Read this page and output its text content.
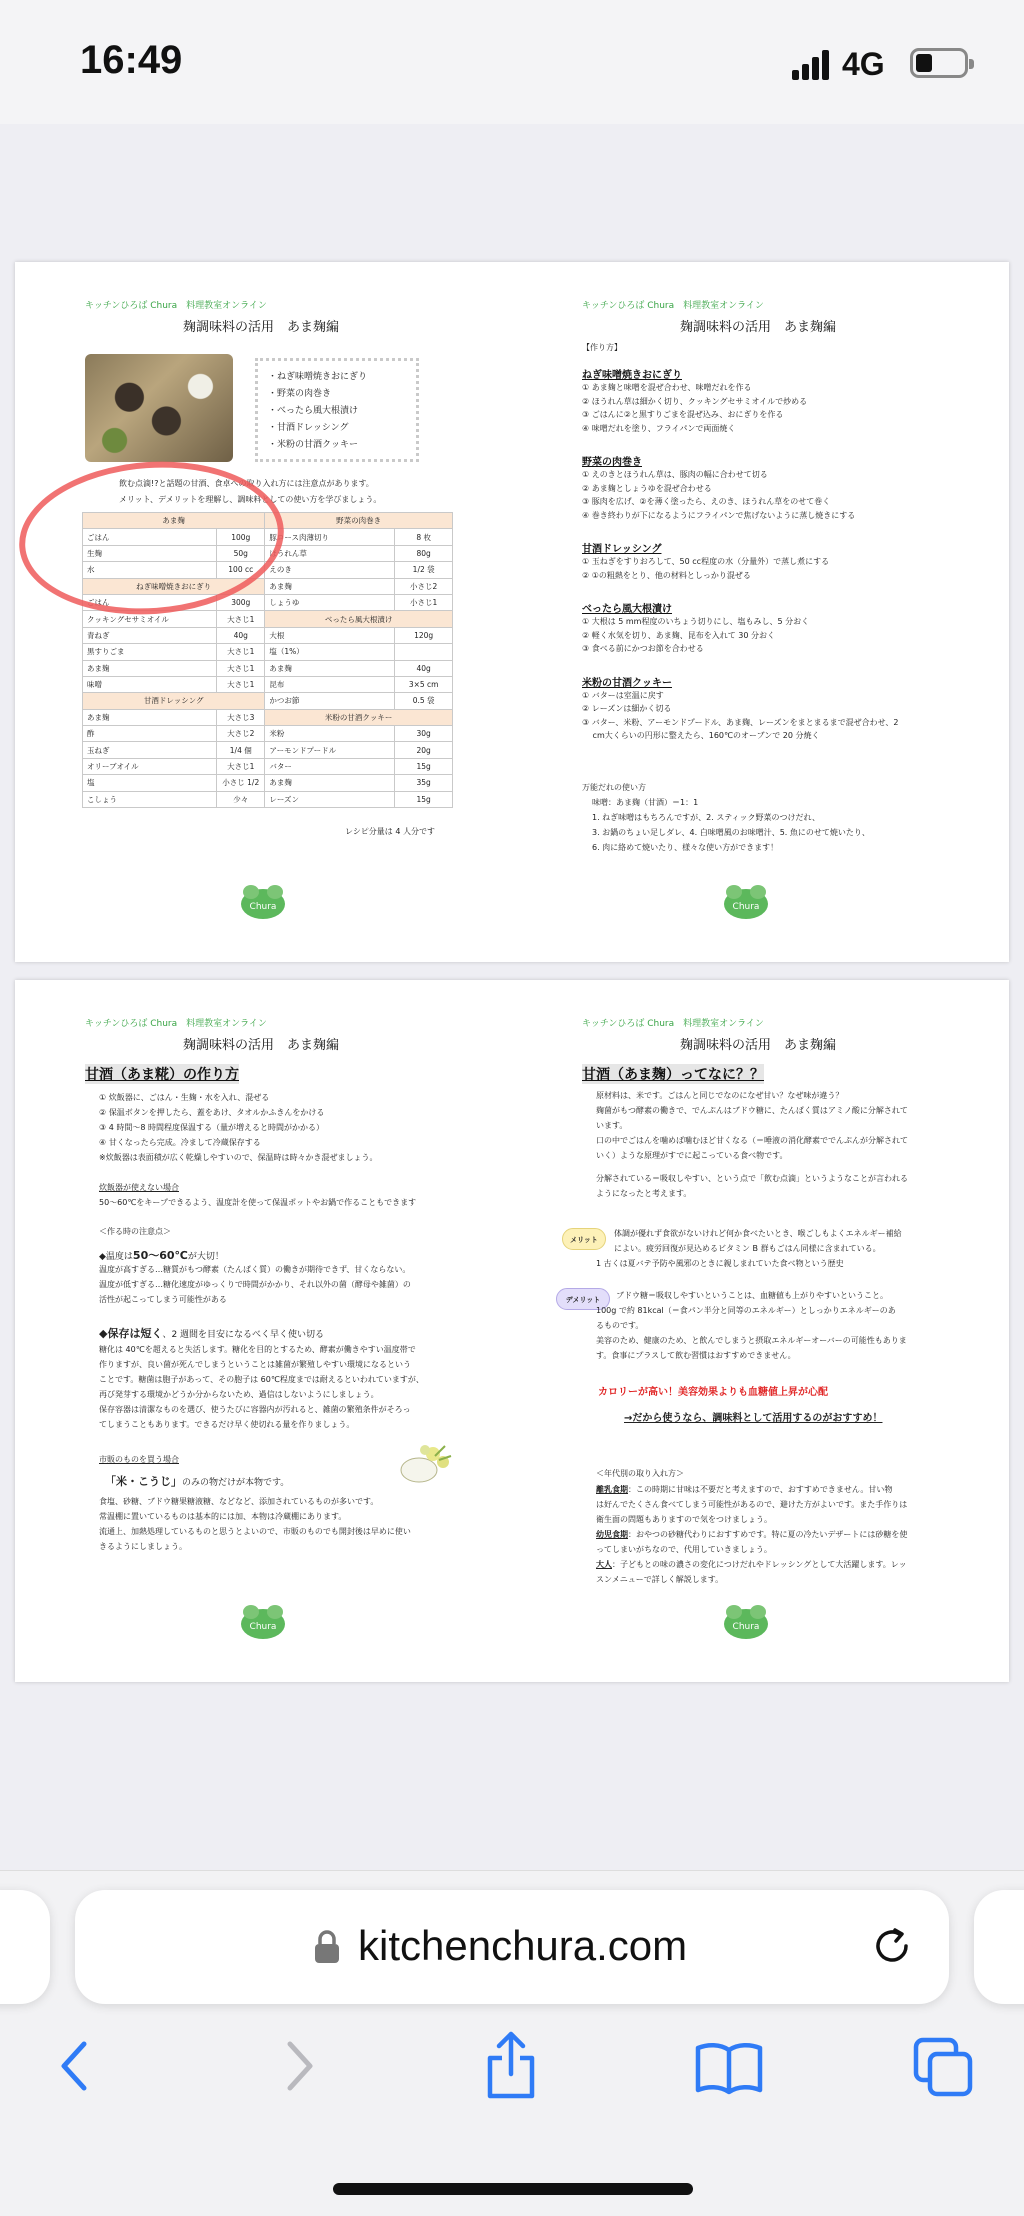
16:49	4G
キッチンひろば Chura　料理教室オンライン
麹調味料の活用　あま麹編
・ねぎ味噌焼きおにぎり
・野菜の肉巻き
・べったら風大根漬け
・甘酒ドレッシング
・米粉の甘酒クッキー
飲む点滴!?と話題の甘酒、食卓への取り入れ方には注意点があります。
メリット、デメリットを理解し、調味料としての使い方を学びましょう。
あま麹		野菜の肉巻き	
ごはん	100g	豚ロース肉薄切り	8 枚
生麹	50g	ほうれん草	80g
水	100 cc	えのき	1/2 袋
ねぎ味噌焼きおにぎり		あま麹	小さじ2
ごはん	300g	しょうゆ	小さじ1
クッキングセサミオイル	大さじ1	べったら風大根漬け	
青ねぎ	40g	大根	120g
黒すりごま	大さじ1	塩（1%）	
あま麹	大さじ1	あま麹	40g
味噌	大さじ1	昆布	3×5 cm
甘酒ドレッシング		かつお節	0.5 袋
あま麹	大さじ3	米粉の甘酒クッキー	
酢	大さじ2	米粉	30g
玉ねぎ	1/4 個	アーモンドプードル	20g
オリーブオイル	大さじ1	バター	15g
塩	小さじ 1/2	あま麹	35g
こしょう	少々	レーズン	15g
レシピ分量は 4 人分です
Chura
キッチンひろば Chura　料理教室オンライン
麹調味料の活用　あま麹編
【作り方】
ねぎ味噌焼きおにぎり
① あま麹と味噌を混ぜ合わせ、味噌だれを作る
② ほうれん草は細かく切り、クッキングセサミオイルで炒める
③ ごはんに②と黒すりごまを混ぜ込み、おにぎりを作る
④ 味噌だれを塗り、フライパンで両面焼く
野菜の肉巻き
① えのきとほうれん草は、豚肉の幅に合わせて切る
② あま麹としょうゆを混ぜ合わせる
③ 豚肉を広げ、②を薄く塗ったら、えのき、ほうれん草をのせて巻く
④ 巻き終わりが下になるようにフライパンで焦げないように蒸し焼きにする
甘酒ドレッシング
① 玉ねぎをすりおろして、50 cc程度の水（分量外）で蒸し煮にする
② ①の粗熱をとり、他の材料としっかり混ぜる
べったら風大根漬け
① 大根は 5 mm程度のいちょう切りにし、塩もみし、5 分おく
② 軽く水気を切り、あま麹、昆布を入れて 30 分おく
③ 食べる前にかつお節を合わせる
米粉の甘酒クッキー
① バターは室温に戻す
② レーズンは細かく切る
③ バター、米粉、アーモンドプードル、あま麹、レーズンをまとまるまで混ぜ合わせ、2
　 cm大くらいの円形に整えたら、160℃のオーブンで 20 分焼く
万能だれの使い方
味噌：あま麹（甘酒）＝1：1
1. ねぎ味噌はもちろんですが、2. スティック野菜のつけだれ、
3. お鍋のちょい足しダレ、4. 白味噌風のお味噌汁、5. 魚にのせて焼いたり、
6. 肉に絡めて焼いたり、様々な使い方ができます！
Chura
キッチンひろば Chura　料理教室オンライン
麹調味料の活用　あま麹編
甘酒（あま糀）の作り方
炊飯器が使えない場合
50〜60℃をキープできるよう、温度計を使って保温ポットやお鍋で作ることもできます
＜作る時の注意点＞
◆温度は50〜60℃が大切！
◆保存は短く、2 週間を目安になるべく早く使い切る
市販のものを買う場合
「米・こうじ」のみの物だけが本物です。
Chura
① 炊飯器に、ごはん・生麹・水を入れ、混ぜる
② 保温ボタンを押したら、蓋をあけ、タオルかふきんをかける
③ 4 時間〜8 時間程度保温する（量が増えると時間がかかる）
④ 甘くなったら完成。冷まして冷蔵保存する
※炊飯器は表面積が広く乾燥しやすいので、保温時は時々かき混ぜましょう。
温度が高すぎる…糖質がもつ酵素（たんぱく質）の働きが期待できず、甘くならない。
温度が低すぎる…糖化速度がゆっくりで時間がかかり、それ以外の菌（酵母や雑菌）の
活性が起こってしまう可能性がある
糖化は 40℃を超えると失活します。糖化を目的とするため、酵素が働きやすい温度帯で
作りますが、良い菌が死んでしまうということは雑菌が繁殖しやすい環境になるという
ことです。糖菌は胞子があって、その胞子は 60℃程度までは耐えるといわれていますが、
再び発芽する環境かどうか分からないため、過信はしないようにしましょう。
保存容器は清潔なものを選び、使うたびに容器内が汚れると、雑菌の繁殖条件がそろっ
てしまうこともあります。できるだけ早く使切れる量を作りましょう。
食塩、砂糖、ブドウ糖果糖液糖、などなど、添加されているものが多いです。
常温棚に置いているものは基本的には加、本物は冷蔵棚にあります。
流通上、加熱処理しているものと思うとよいので、市販のものでも開封後は早めに使い
きるようにしましょう。
キッチンひろば Chura　料理教室オンライン
麹調味料の活用　あま麹編
甘酒（あま麹）ってなに？？
メリット
デメリット
カロリーが高い！美容効果よりも血糖値上昇が心配
→だから使うなら、調味料として活用するのがおすすめ！
＜年代別の取り入れ方＞
Chura
原材料は、米です。ごはんと同じでなのになぜ甘い？なぜ味が違う？
麹菌がもつ酵素の働きで、でんぷんはブドウ糖に、たんぱく質はアミノ酸に分解されて
います。
口の中でごはんを噛めば噛むほど甘くなる（＝唾液の消化酵素ででんぷんが分解されて
いく）ような原理がすでに起こっている食べ物です。
分解されている＝吸収しやすい、という点で「飲む点滴」というようなことが言われる
ようになったと考えます。
体調が優れず食欲がないけれど何か食べたいとき、喉ごしもよくエネルギー補給
によい。疲労回復が見込めるビタミン B 群もごはん同様に含まれている。
1 古くは夏バテ予防や風邪のときに親しまれていた食べ物という歴史
ブドウ糖＝吸収しやすいということは、血糖値も上がりやすいということ。
100g で約 81kcal（＝食パン半分と同等のエネルギー）としっかりエネルギーのあ
るものです。
美容のため、健康のため、と飲んでしまうと摂取エネルギーオーバーの可能性もありま
す。食事にプラスして飲む習慣はおすすめできません。
離乳食期：この時期に甘味は不要だと考えますので、おすすめできません。甘い物
は好んでたくさん食べてしまう可能性があるので、避けた方がよいです。また手作りは
衛生面の問題もありますので気をつけましょう。
幼児食期：おやつの砂糖代わりにおすすめです。特に夏の冷たいデザートには砂糖を使
ってしまいがちなので、代用していきましょう。
大人：子どもとの味の濃さの変化につけだれやドレッシングとして大活躍します。レッ
スンメニューで詳しく解説します。
kitchenchura.com
